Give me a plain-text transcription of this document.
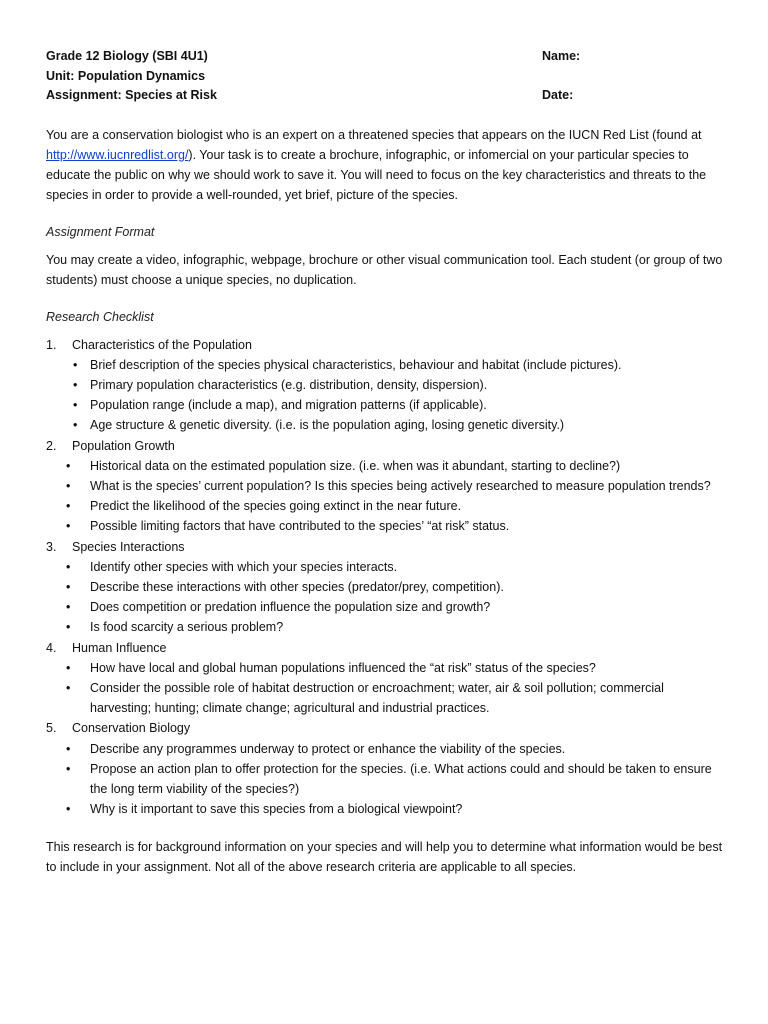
Grade 12 Biology (SBI 4U1)	Name:
Unit: Population Dynamics
Assignment: Species at Risk	Date:

You are a conservation biologist who is an expert on a threatened species that appears on the IUCN Red List (found at http://www.iucnredlist.org/). Your task is to create a brochure, infographic, or infomercial on your particular species to educate the public on why we should work to save it. You will need to focus on the key characteristics and threats to the species in order to provide a well-rounded, yet brief, picture of the species.

Assignment Format

You may create a video, infographic, webpage, brochure or other visual communication tool. Each student (or group of two students) must choose a unique species, no duplication.

Research Checklist
1.	Characteristics of the Population
• Brief description of the species physical characteristics, behaviour and habitat (include pictures).
• Primary population characteristics (e.g. distribution, density, dispersion).
• Population range (include a map), and migration patterns (if applicable).
• Age structure & genetic diversity. (i.e. is the population aging, losing genetic diversity.)
2.	Population Growth
• Historical data on the estimated population size. (i.e. when was it abundant, starting to decline?)
• What is the species’ current population? Is this species being actively researched to measure population trends?
• Predict the likelihood of the species going extinct in the near future.
• Possible limiting factors that have contributed to the species’ “at risk” status.
3.	Species Interactions
• Identify other species with which your species interacts.
• Describe these interactions with other species (predator/prey, competition).
• Does competition or predation influence the population size and growth?
• Is food scarcity a serious problem?
4.	Human Influence
• How have local and global human populations influenced the “at risk” status of the species?
• Consider the possible role of habitat destruction or encroachment; water, air & soil pollution; commercial harvesting; hunting; climate change; agricultural and industrial practices.
5.	Conservation Biology
• Describe any programmes underway to protect or enhance the viability of the species.
• Propose an action plan to offer protection for the species. (i.e. What actions could and should be taken to ensure the long term viability of the species?)
• Why is it important to save this species from a biological viewpoint?

This research is for background information on your species and will help you to determine what information would be best to include in your assignment. Not all of the above research criteria are applicable to all species.
